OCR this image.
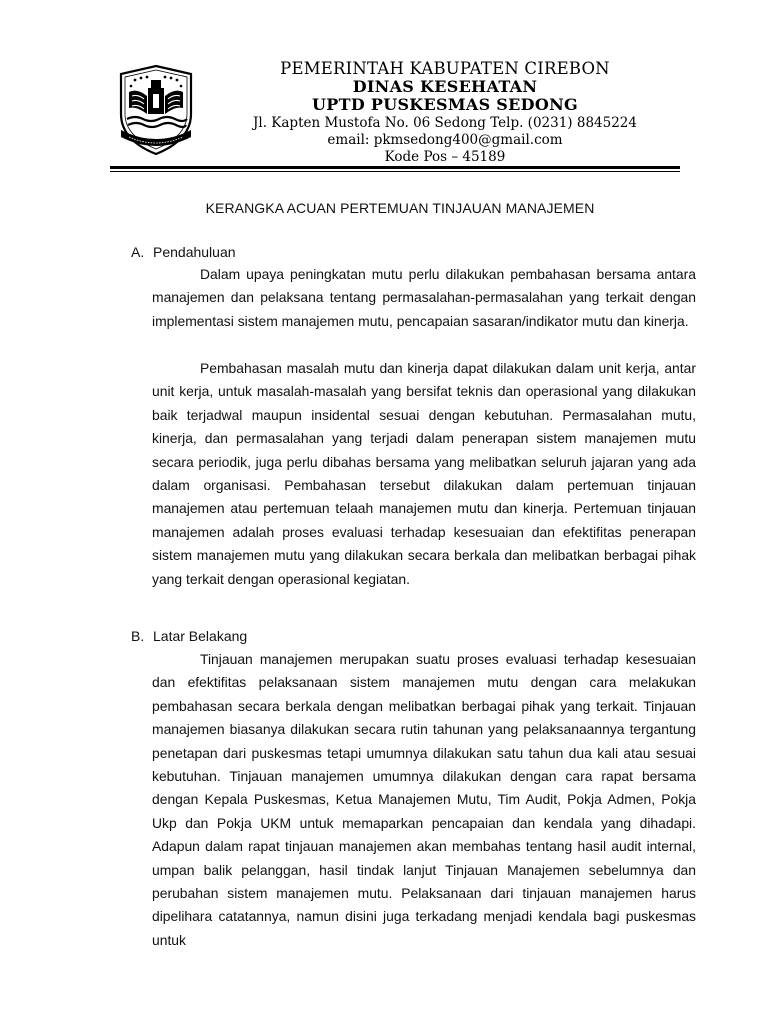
PEMERINTAH KABUPATEN CIREBON
DINAS KESEHATAN
UPTD PUSKESMAS SEDONG
Jl. Kapten Mustofa No. 06 Sedong Telp. (0231) 8845224
email: pkmsedong400@gmail.com
Kode Pos – 45189
KERANGKA ACUAN PERTEMUAN TINJAUAN MANAJEMEN
A. Pendahuluan

Dalam upaya peningkatan mutu perlu dilakukan pembahasan bersama antara manajemen dan pelaksana tentang permasalahan-permasalahan yang terkait dengan implementasi sistem manajemen mutu, pencapaian sasaran/indikator mutu dan kinerja.

Pembahasan masalah mutu dan kinerja dapat dilakukan dalam unit kerja, antar unit kerja, untuk masalah-masalah yang bersifat teknis dan operasional yang dilakukan baik terjadwal maupun insidental sesuai dengan kebutuhan. Permasalahan mutu, kinerja, dan permasalahan yang terjadi dalam penerapan sistem manajemen mutu secara periodik, juga perlu dibahas bersama yang melibatkan seluruh jajaran yang ada dalam organisasi. Pembahasan tersebut dilakukan dalam pertemuan tinjauan manajemen atau pertemuan telaah manajemen mutu dan kinerja. Pertemuan tinjauan manajemen adalah proses evaluasi terhadap kesesuaian dan efektifitas penerapan sistem manajemen mutu yang dilakukan secara berkala dan melibatkan berbagai pihak yang terkait dengan operasional kegiatan.

B. Latar Belakang

Tinjauan manajemen merupakan suatu proses evaluasi terhadap kesesuaian dan efektifitas pelaksanaan sistem manajemen mutu dengan cara melakukan pembahasan secara berkala dengan melibatkan berbagai pihak yang terkait. Tinjauan manajemen biasanya dilakukan secara rutin tahunan yang pelaksanaannya tergantung penetapan dari puskesmas tetapi umumnya dilakukan satu tahun dua kali atau sesuai kebutuhan. Tinjauan manajemen umumnya dilakukan dengan cara rapat bersama dengan Kepala Puskesmas, Ketua Manajemen Mutu, Tim Audit, Pokja Admen, Pokja Ukp dan Pokja UKM untuk memaparkan pencapaian dan kendala yang dihadapi. Adapun dalam rapat tinjauan manajemen akan membahas tentang hasil audit internal, umpan balik pelanggan, hasil tindak lanjut Tinjauan Manajemen sebelumnya dan perubahan sistem manajemen mutu. Pelaksanaan dari tinjauan manajemen harus dipelihara catatannya, namun disini juga terkadang menjadi kendala bagi puskesmas untuk
